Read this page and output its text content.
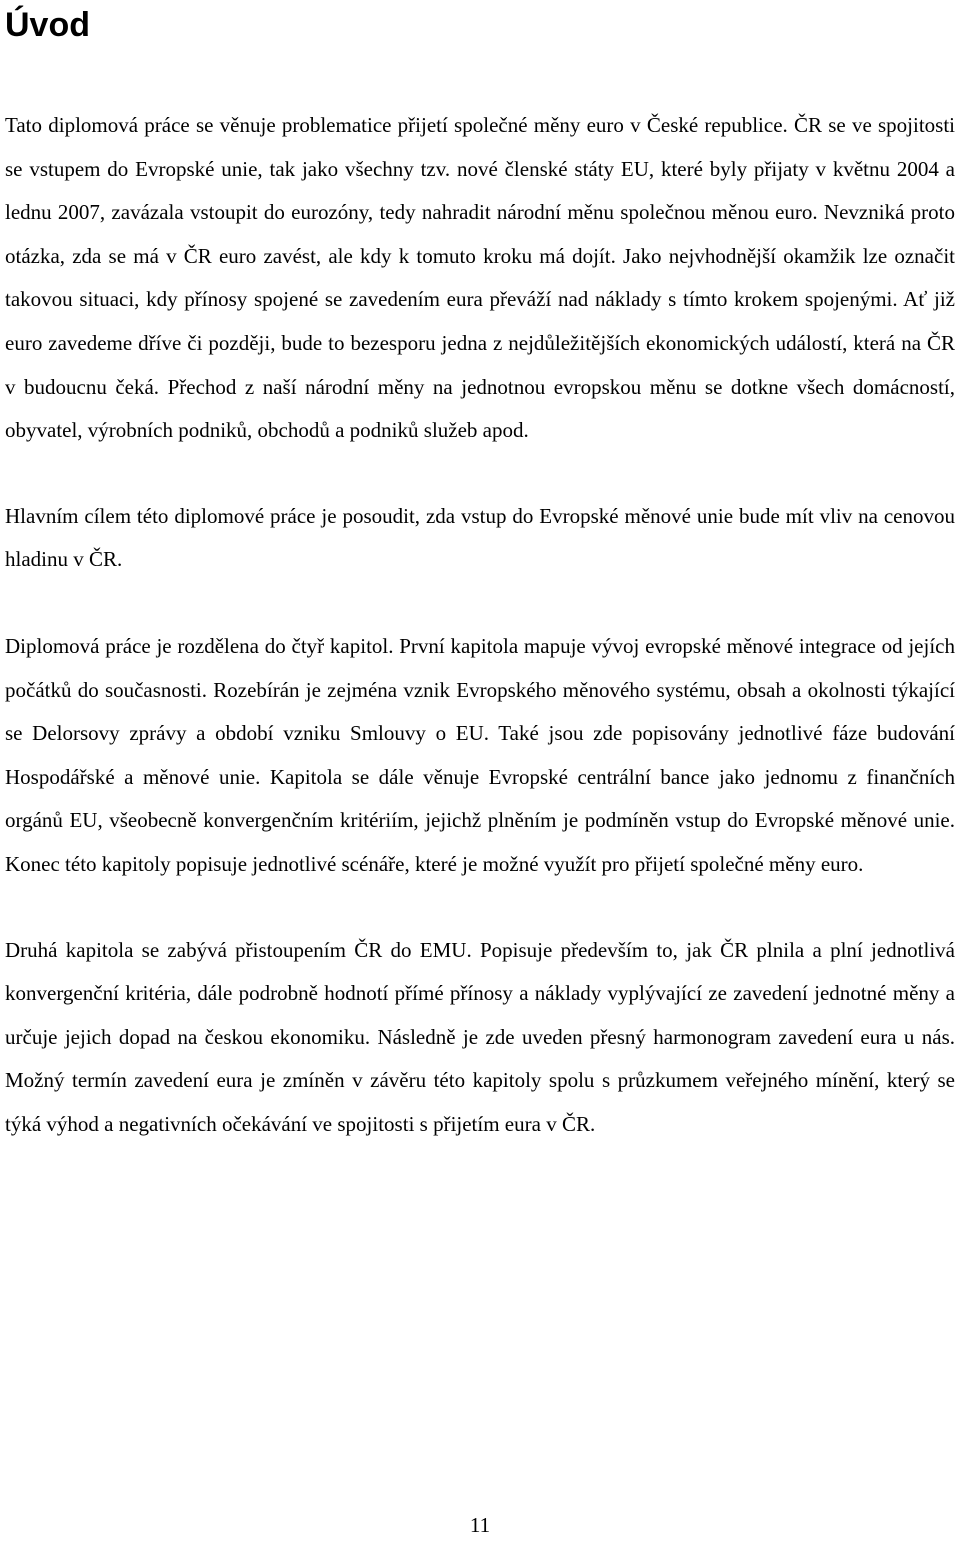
Úvod

Tato diplomová práce se věnuje problematice přijetí společné měny euro v České republice. ČR se ve spojitosti se vstupem do Evropské unie, tak jako všechny tzv. nové členské státy EU, které byly přijaty v květnu 2004 a lednu 2007, zavázala vstoupit do eurozóny, tedy nahradit národní měnu společnou měnou euro. Nevzniká proto otázka, zda se má v ČR euro zavést, ale kdy k tomuto kroku má dojít. Jako nejvhodnější okamžik lze označit takovou situaci, kdy přínosy spojené se zavedením eura převáží nad náklady s tímto krokem spojenými. Ať již euro zavedeme dříve či později, bude to bezesporu jedna z nejdůležitějších ekonomických událostí, která na ČR v budoucnu čeká. Přechod z naší národní měny na jednotnou evropskou měnu se dotkne všech domácností, obyvatel, výrobních podniků, obchodů a podniků služeb apod.

Hlavním cílem této diplomové práce je posoudit, zda vstup do Evropské měnové unie bude mít vliv na cenovou hladinu v ČR.

Diplomová práce je rozdělena do čtyř kapitol. První kapitola mapuje vývoj evropské měnové integrace od jejích počátků do současnosti. Rozebírán je zejména vznik Evropského měnového systému, obsah a okolnosti týkající se Delorsovy zprávy a období vzniku Smlouvy o EU. Také jsou zde popisovány jednotlivé fáze budování Hospodářské a měnové unie. Kapitola se dále věnuje Evropské centrální bance jako jednomu z finančních orgánů EU, všeobecně konvergenčním kritériím, jejichž plněním je podmíněn vstup do Evropské měnové unie. Konec této kapitoly popisuje jednotlivé scénáře, které je možné využít pro přijetí společné měny euro.

Druhá kapitola se zabývá přistoupením ČR do EMU. Popisuje především to, jak ČR plnila a plní jednotlivá konvergenční kritéria, dále podrobně hodnotí přímé přínosy a náklady vyplývající ze zavedení jednotné měny a určuje jejich dopad na českou ekonomiku. Následně je zde uveden přesný harmonogram zavedení eura u nás. Možný termín zavedení eura je zmíněn v závěru této kapitoly spolu s průzkumem veřejného mínění, který se týká výhod a negativních očekávání ve spojitosti s přijetím eura v ČR.

11
